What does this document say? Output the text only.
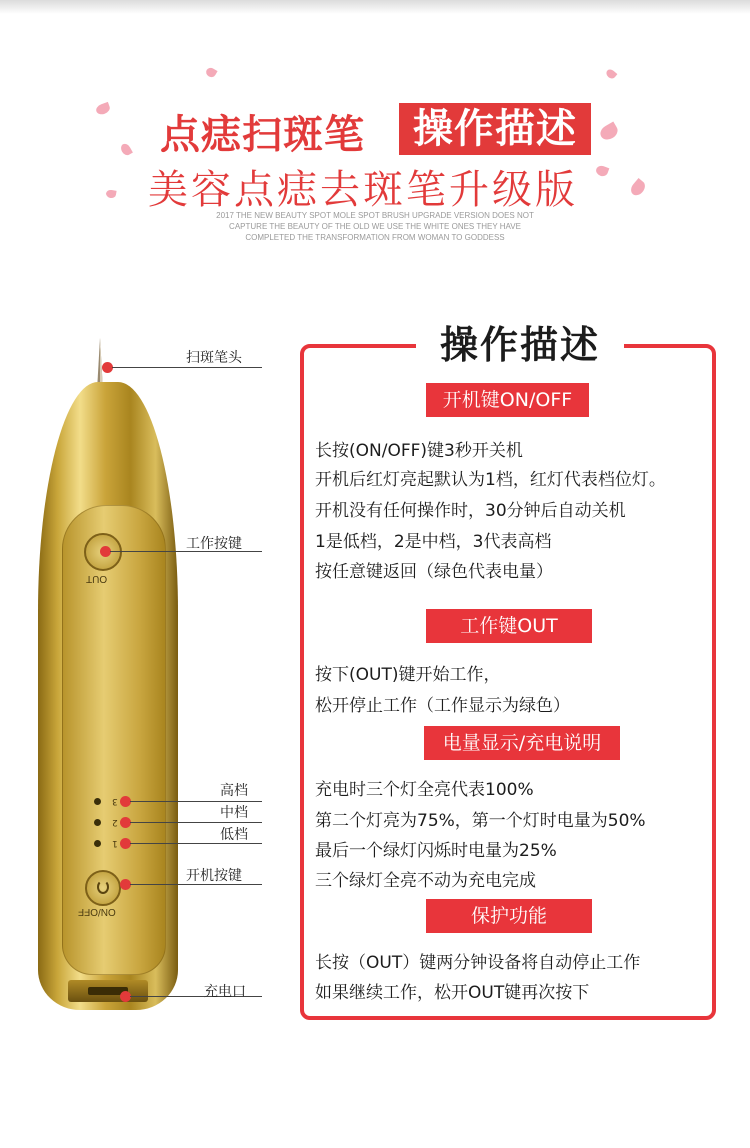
点痣扫斑笔	操作描述
美容点痣去斑笔升级版
2017 THE NEW BEAUTY SPOT MOLE SPOT BRUSH UPGRADE VERSION DOES NOT
CAPTURE THE BEAUTY OF THE OLD WE USE THE WHITE ONES THEY HAVE
COMPLETED THE TRANSFORMATION FROM WOMAN TO GODDESS
OUT
3
2
1
ON/OFF
扫斑笔头
工作按键
高档
中档
低档
开机按键
充电口
操作描述
开机键ON/OFF
长按(ON/OFF)键3秒开关机
开机后红灯亮起默认为1档，红灯代表档位灯。
开机没有任何操作时，30分钟后自动关机
1是低档，2是中档，3代表高档
按任意键返回（绿色代表电量）
工作键OUT
按下(OUT)键开始工作，
松开停止工作（工作显示为绿色）
电量显示/充电说明
充电时三个灯全亮代表100%
第二个灯亮为75%，第一个灯时电量为50%
最后一个绿灯闪烁时电量为25%
三个绿灯全亮不动为充电完成
保护功能
长按（OUT）键两分钟设备将自动停止工作
如果继续工作，松开OUT键再次按下
